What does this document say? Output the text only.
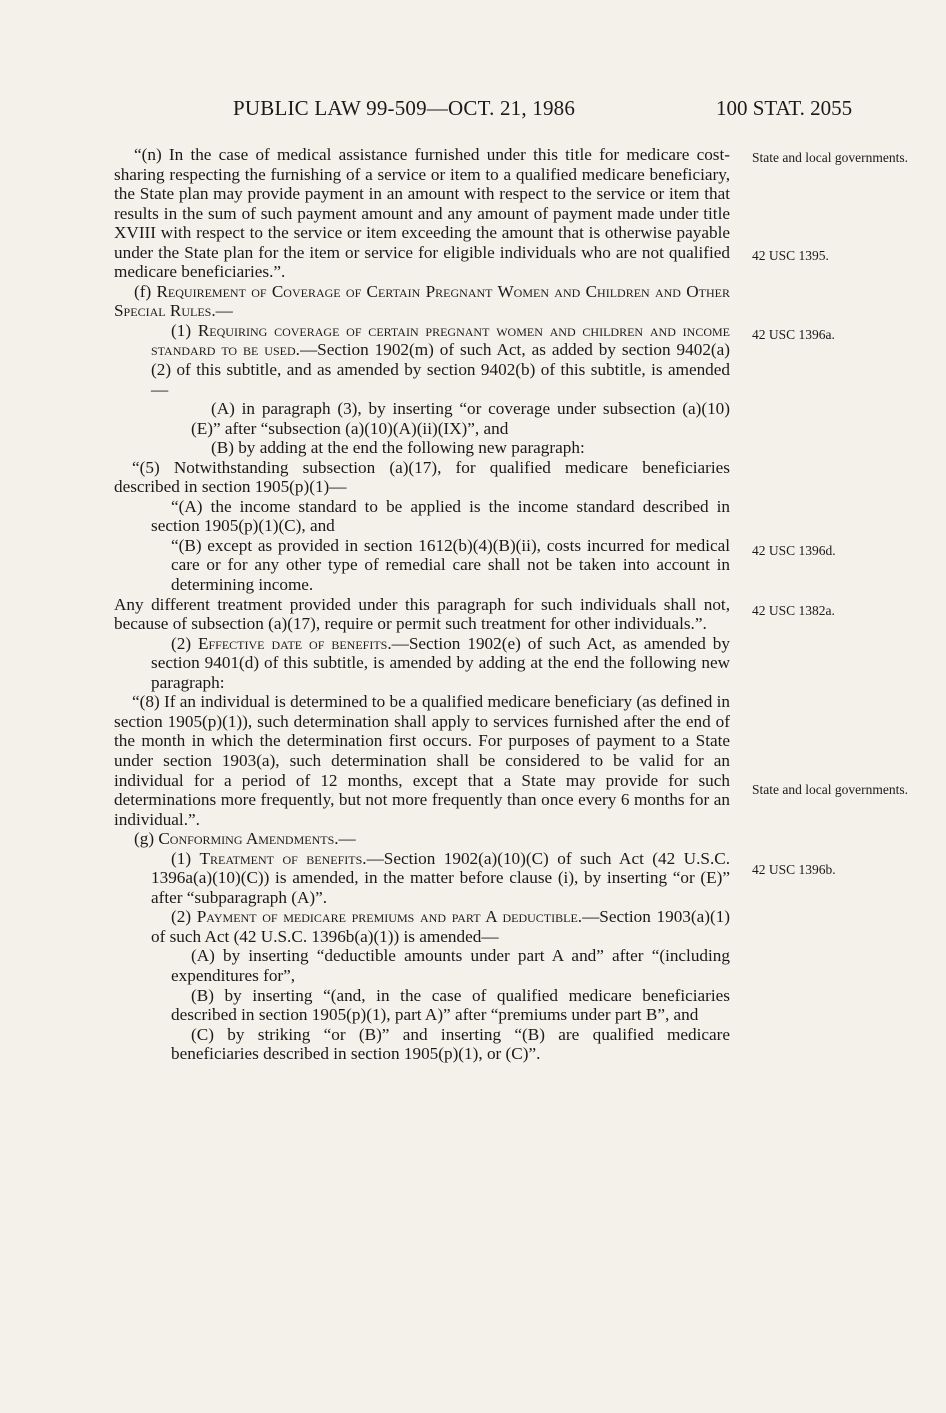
PUBLIC LAW 99-509—OCT. 21, 1986	100 STAT. 2055

“(n) In the case of medical assistance furnished under this title for medicare cost-sharing respecting the furnishing of a service or item to a qualified medicare beneficiary, the State plan may provide payment in an amount with respect to the service or item that results in the sum of such payment amount and any amount of payment made under title XVIII with respect to the service or item exceeding the amount that is otherwise payable under the State plan for the item or service for eligible individuals who are not qualified medicare beneficiaries.”.

(f) Requirement of Coverage of Certain Pregnant Women and Children and Other Special Rules.—

(1) Requiring coverage of certain pregnant women and children and income standard to be used.—Section 1902(m) of such Act, as added by section 9402(a)(2) of this subtitle, and as amended by section 9402(b) of this subtitle, is amended—

(A) in paragraph (3), by inserting “or coverage under subsection (a)(10)(E)” after “subsection (a)(10)(A)(ii)(IX)”, and

(B) by adding at the end the following new paragraph:

“(5) Notwithstanding subsection (a)(17), for qualified medicare beneficiaries described in section 1905(p)(1)—

“(A) the income standard to be applied is the income standard described in section 1905(p)(1)(C), and

“(B) except as provided in section 1612(b)(4)(B)(ii), costs incurred for medical care or for any other type of remedial care shall not be taken into account in determining income.

Any different treatment provided under this paragraph for such individuals shall not, because of subsection (a)(17), require or permit such treatment for other individuals.”.

(2) Effective date of benefits.—Section 1902(e) of such Act, as amended by section 9401(d) of this subtitle, is amended by adding at the end the following new paragraph:

“(8) If an individual is determined to be a qualified medicare beneficiary (as defined in section 1905(p)(1)), such determination shall apply to services furnished after the end of the month in which the determination first occurs. For purposes of payment to a State under section 1903(a), such determination shall be considered to be valid for an individual for a period of 12 months, except that a State may provide for such determinations more frequently, but not more frequently than once every 6 months for an individual.”.

(g) Conforming Amendments.—

(1) Treatment of benefits.—Section 1902(a)(10)(C) of such Act (42 U.S.C. 1396a(a)(10)(C)) is amended, in the matter before clause (i), by inserting “or (E)” after “subparagraph (A)”.

(2) Payment of medicare premiums and part A deductible.—Section 1903(a)(1) of such Act (42 U.S.C. 1396b(a)(1)) is amended—

(A) by inserting “deductible amounts under part A and” after “(including expenditures for”,

(B) by inserting “(and, in the case of qualified medicare beneficiaries described in section 1905(p)(1), part A)” after “premiums under part B”, and

(C) by striking “or (B)” and inserting “(B) are qualified medicare beneficiaries described in section 1905(p)(1), or (C)”.

State and local governments.
42 USC 1395.
42 USC 1396a.
42 USC 1396d.
42 USC 1382a.
State and local governments.
42 USC 1396b.
